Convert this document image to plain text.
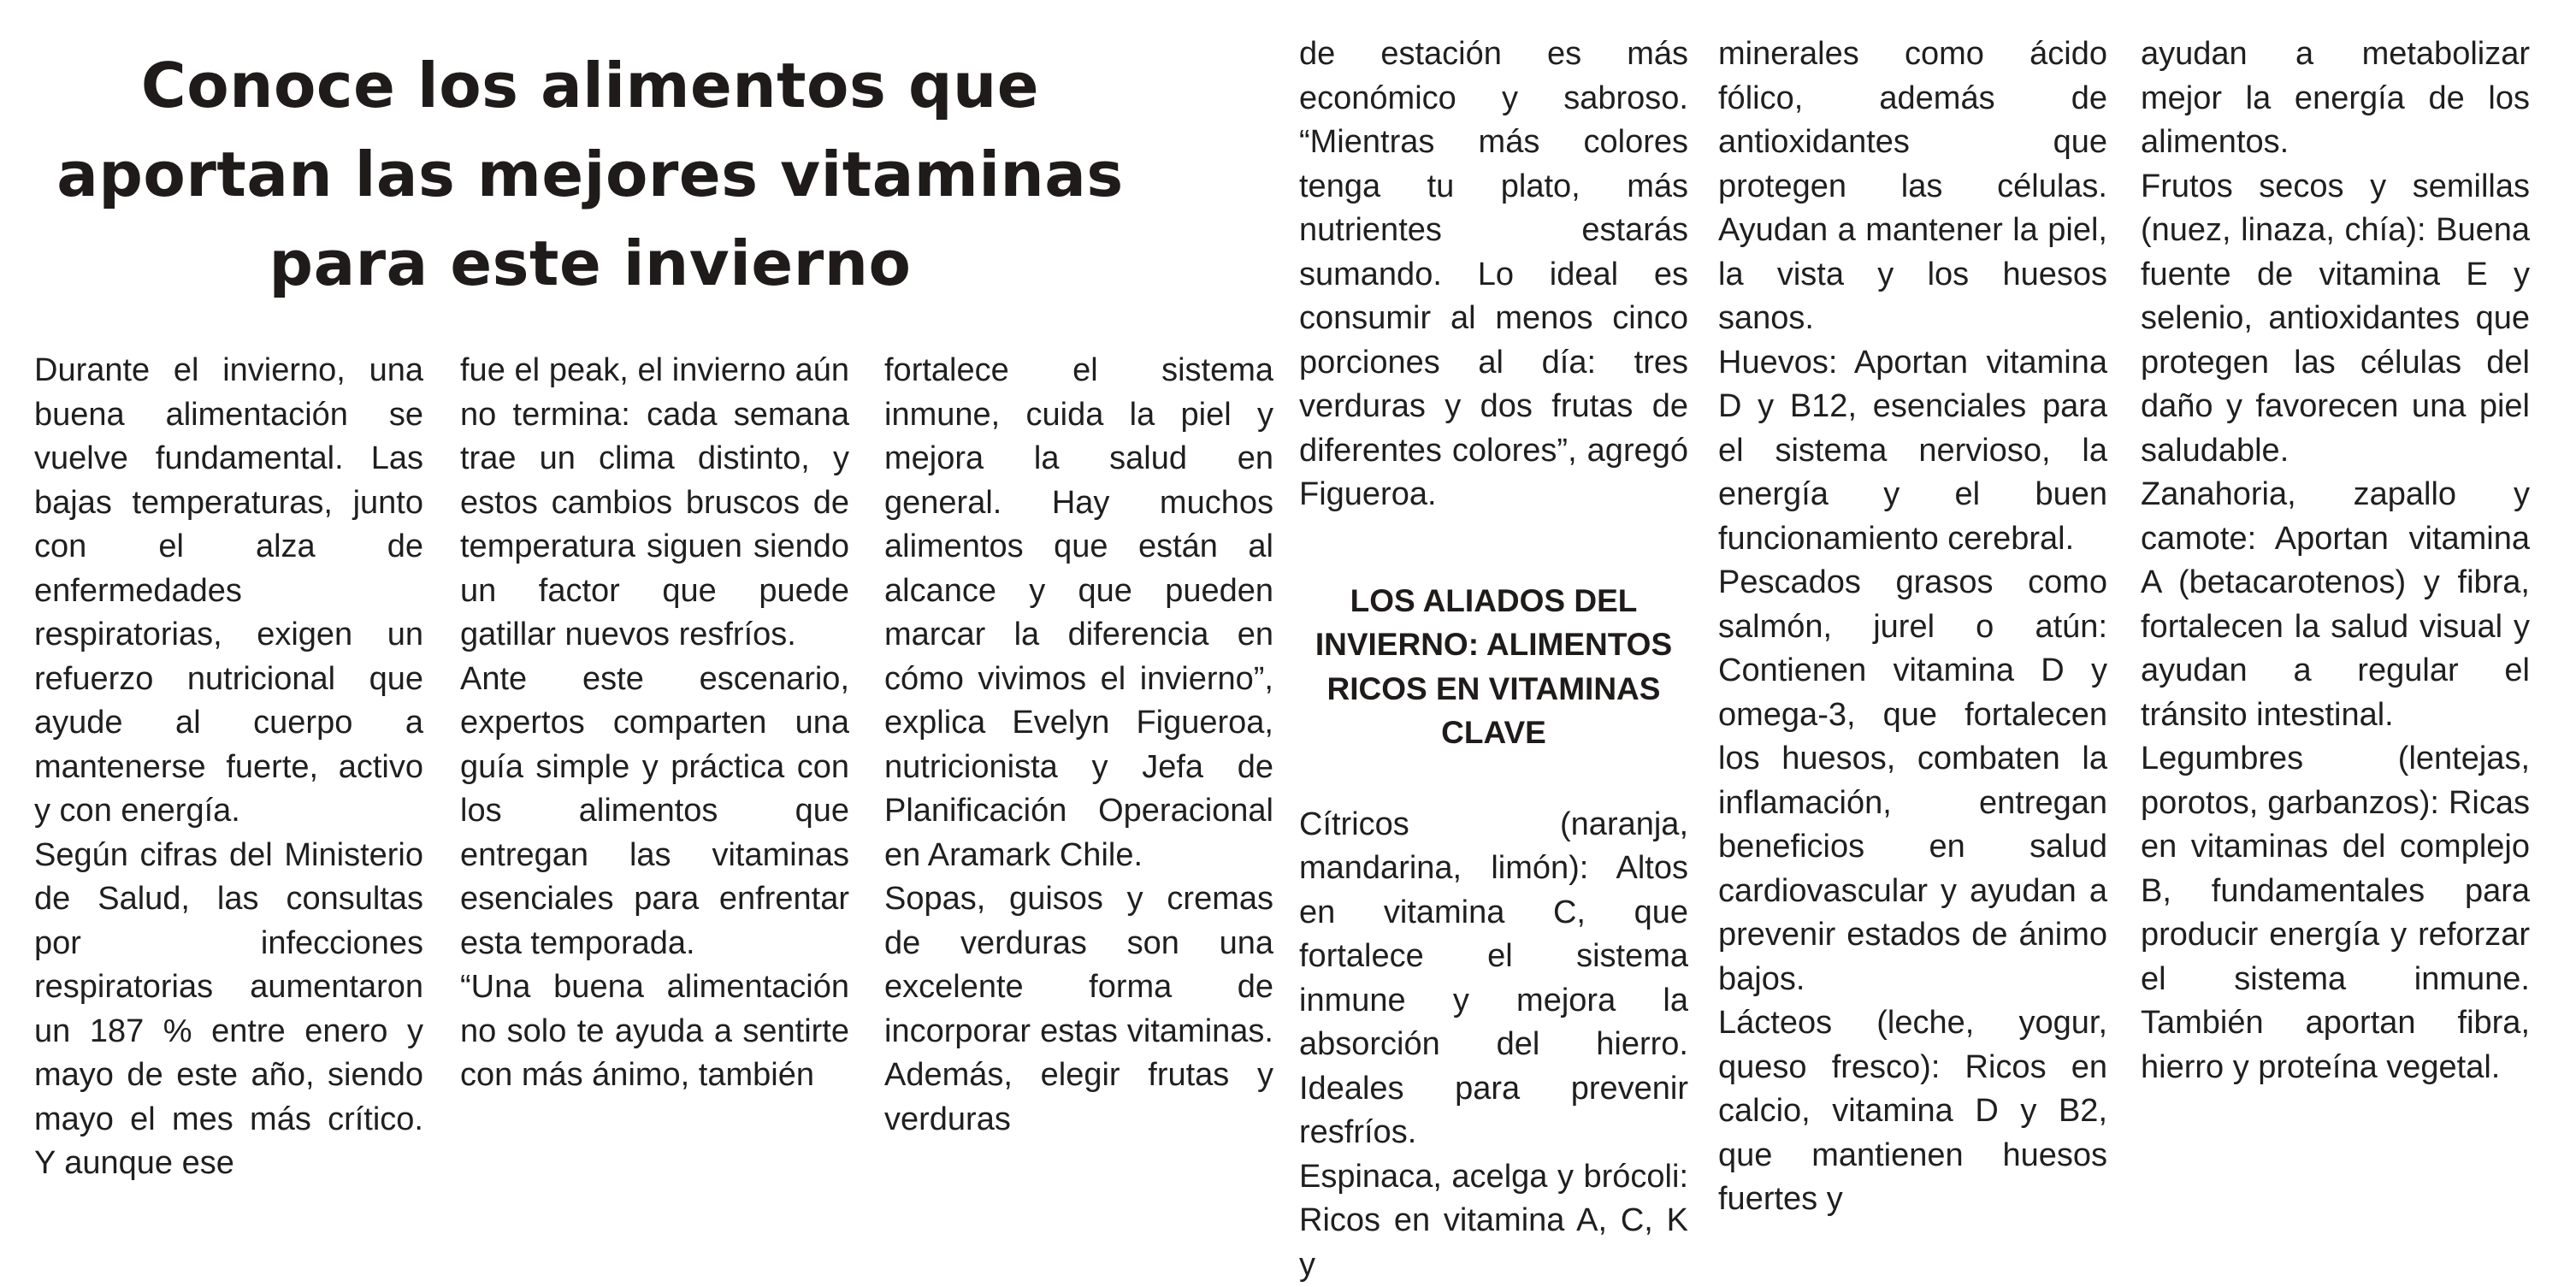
Conoce los alimentos que
aportan las mejores vitaminas
para este invierno

Durante el invierno, una buena alimentación se vuelve fundamental. Las bajas temperaturas, junto con el alza de enfermedades respiratorias, exigen un refuerzo nutricional que ayude al cuerpo a mantenerse fuerte, activo y con energía.

Según cifras del Ministerio de Salud, las consultas por infecciones respiratorias aumentaron un 187 % entre enero y mayo de este año, siendo mayo el mes más crítico. Y aunque ese

fue el peak, el invierno aún no termina: cada semana trae un clima distinto, y estos cambios bruscos de temperatura siguen siendo un factor que puede gatillar nuevos resfríos.

Ante este escenario, expertos comparten una guía simple y práctica con los alimentos que entregan las vitaminas esenciales para enfrentar esta temporada.

“Una buena alimentación no solo te ayuda a sentirte con más ánimo, también

fortalece el sistema inmune, cuida la piel y mejora la salud en general. Hay muchos alimentos que están al alcance y que pueden marcar la diferencia en cómo vivimos el invierno”, explica Evelyn Figueroa, nutricionista y Jefa de Planificación Operacional en Aramark Chile.

Sopas, guisos y cremas de verduras son una excelente forma de incorporar estas vitaminas. Además, elegir frutas y verduras

de estación es más económico y sabroso. “Mientras más colores tenga tu plato, más nutrientes estarás sumando. Lo ideal es consumir al menos cinco porciones al día: tres verduras y dos frutas de diferentes colores”, agregó Figueroa.

LOS ALIADOS DEL INVIERNO: ALIMENTOS RICOS EN VITAMINAS CLAVE

Cítricos (naranja, mandarina, limón): Altos en vitamina C, que fortalece el sistema inmune y mejora la absorción del hierro. Ideales para prevenir resfríos.

Espinaca, acelga y brócoli: Ricos en vitamina A, C, K y

minerales como ácido fólico, además de antioxidantes que protegen las células. Ayudan a mantener la piel, la vista y los huesos sanos.

Huevos: Aportan vitamina D y B12, esenciales para el sistema nervioso, la energía y el buen funcionamiento cerebral.

Pescados grasos como salmón, jurel o atún: Contienen vitamina D y omega-3, que fortalecen los huesos, combaten la inflamación, entregan beneficios en salud cardiovascular y ayudan a prevenir estados de ánimo bajos.

Lácteos (leche, yogur, queso fresco): Ricos en calcio, vitamina D y B2, que mantienen huesos fuertes y

ayudan a metabolizar mejor la energía de los alimentos.

Frutos secos y semillas (nuez, linaza, chía): Buena fuente de vitamina E y selenio, antioxidantes que protegen las células del daño y favorecen una piel saludable.

Zanahoria, zapallo y camote: Aportan vitamina A (betacarotenos) y fibra, fortalecen la salud visual y ayudan a regular el tránsito intestinal.

Legumbres (lentejas, porotos, garbanzos): Ricas en vitaminas del complejo B, fundamentales para producir energía y reforzar el sistema inmune. También aportan fibra, hierro y proteína vegetal.
